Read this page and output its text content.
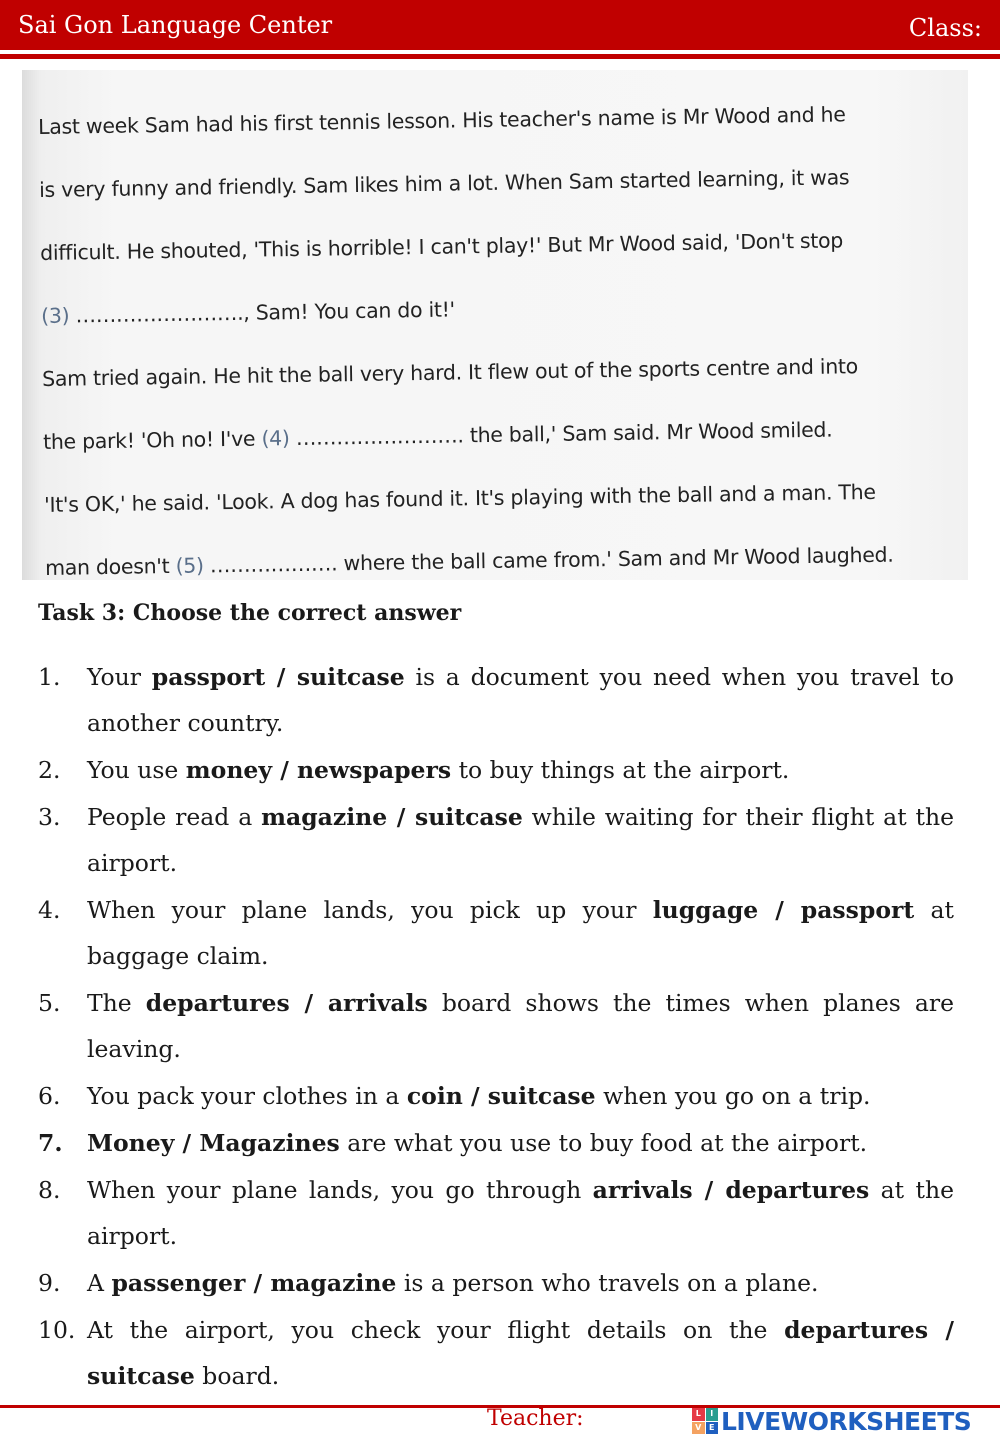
Sai Gon Language Center	Class:
Last week Sam had his first tennis lesson. His teacher's name is Mr Wood and he
is very funny and friendly. Sam likes him a lot. When Sam started learning, it was
difficult. He shouted, 'This is horrible! I can't play!' But Mr Wood said, 'Don't stop
(3) ……………………., Sam! You can do it!'
Sam tried again. He hit the ball very hard. It flew out of the sports centre and into
the park! 'Oh no! I've (4) ……………………. the ball,' Sam said. Mr Wood smiled.
'It's OK,' he said. 'Look. A dog has found it. It's playing with the ball and a man. The
man doesn't (5) ………………. where the ball came from.' Sam and Mr Wood laughed.
Task 3: Choose the correct answer
1.	Your passport / suitcase is a document you need when you travel to another country.
2.	You use money / newspapers to buy things at the airport.
3.	People read a magazine / suitcase while waiting for their flight at the airport.
4.	When your plane lands, you pick up your luggage / passport at baggage claim.
5.	The departures / arrivals board shows the times when planes are leaving.
6.	You pack your clothes in a coin / suitcase when you go on a trip.
7.	Money / Magazines are what you use to buy food at the airport.
8.	When your plane lands, you go through arrivals / departures at the airport.
9.	A passenger / magazine is a person who travels on a plane.
10. At the airport, you check your flight details on the departures / suitcase board.
Teacher:	L	I
V E LIVEWORKSHEETS
